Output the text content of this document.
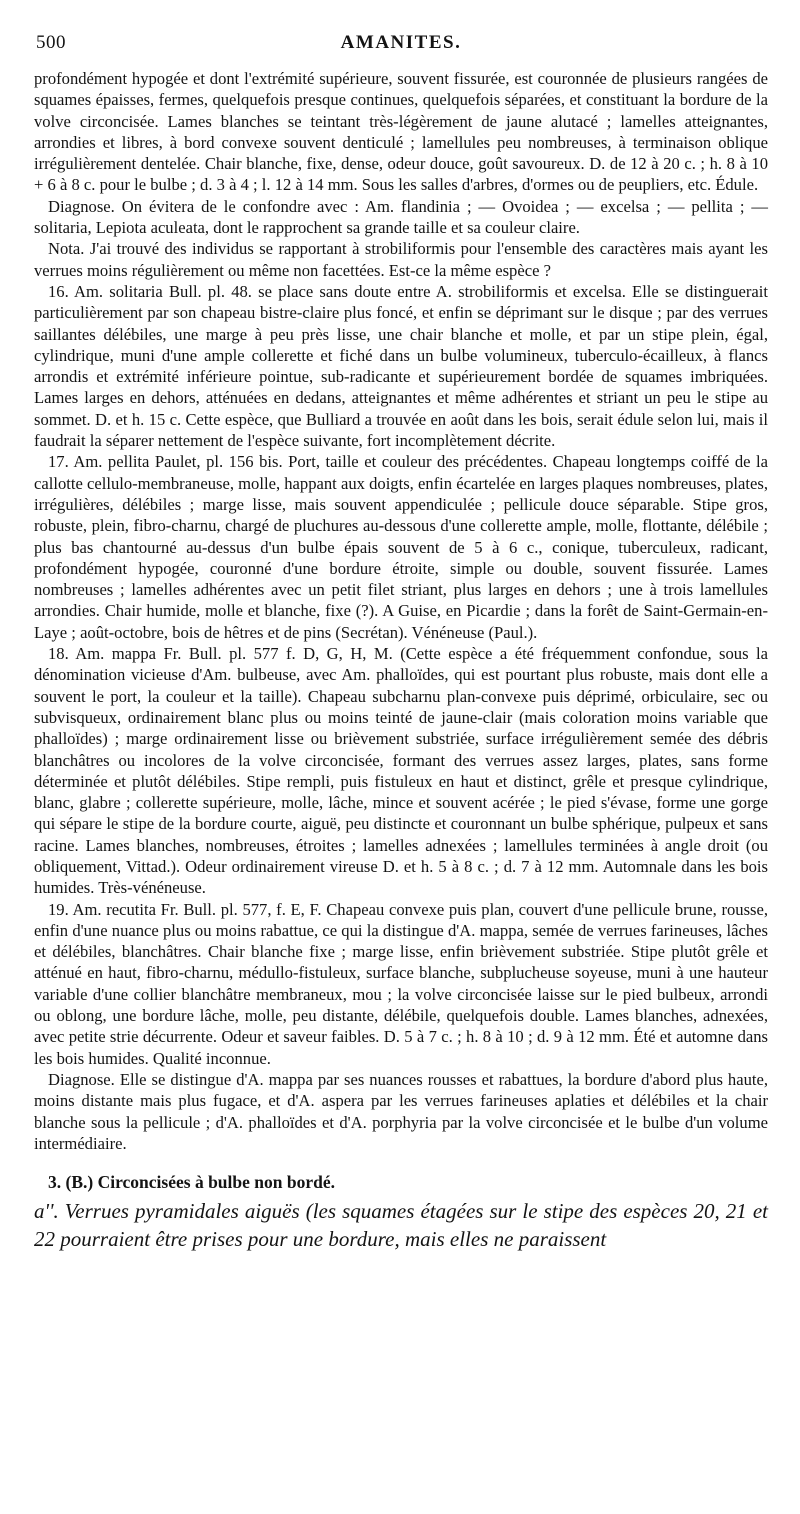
500	AMANITES.

profondément hypogée et dont l'extrémité supérieure, souvent fissurée, est couronnée de plusieurs rangées de squames épaisses, fermes, quelquefois presque continues, quelquefois séparées, et constituant la bordure de la volve circoncisée. Lames blanches se teintant très-légèrement de jaune alutacé ; lamelles atteignantes, arrondies et libres, à bord convexe souvent denticulé ; lamellules peu nombreuses, à terminaison oblique irrégulièrement dentelée. Chair blanche, fixe, dense, odeur douce, goût savoureux. D. de 12 à 20 c. ; h. 8 à 10 + 6 à 8 c. pour le bulbe ; d. 3 à 4 ; l. 12 à 14 mm. Sous les salles d'arbres, d'ormes ou de peupliers, etc. Édule.

Diagnose. On évitera de le confondre avec : Am. flandinia ; — Ovoidea ; — excelsa ; — pellita ; — solitaria, Lepiota aculeata, dont le rapprochent sa grande taille et sa couleur claire.

Nota. J'ai trouvé des individus se rapportant à strobiliformis pour l'ensemble des caractères mais ayant les verrues moins régulièrement ou même non facettées. Est-ce la même espèce ?

16. Am. solitaria Bull. pl. 48. se place sans doute entre A. strobiliformis et excelsa. Elle se distinguerait particulièrement par son chapeau bistre-claire plus foncé, et enfin se déprimant sur le disque ; par des verrues saillantes délébiles, une marge à peu près lisse, une chair blanche et molle, et par un stipe plein, égal, cylindrique, muni d'une ample collerette et fiché dans un bulbe volumineux, tuberculo-écailleux, à flancs arrondis et extrémité inférieure pointue, sub-radicante et supérieurement bordée de squames imbriquées. Lames larges en dehors, atténuées en dedans, atteignantes et même adhérentes et striant un peu le stipe au sommet. D. et h. 15 c. Cette espèce, que Bulliard a trouvée en août dans les bois, serait édule selon lui, mais il faudrait la séparer nettement de l'espèce suivante, fort incomplètement décrite.

17. Am. pellita Paulet, pl. 156 bis. Port, taille et couleur des précédentes. Chapeau longtemps coiffé de la callotte cellulo-membraneuse, molle, happant aux doigts, enfin écartelée en larges plaques nombreuses, plates, irrégulières, délébiles ; marge lisse, mais souvent appendiculée ; pellicule douce séparable. Stipe gros, robuste, plein, fibro-charnu, chargé de pluchures au-dessous d'une collerette ample, molle, flottante, délébile ; plus bas chantourné au-dessus d'un bulbe épais souvent de 5 à 6 c., conique, tuberculeux, radicant, profondément hypogée, couronné d'une bordure étroite, simple ou double, souvent fissurée. Lames nombreuses ; lamelles adhérentes avec un petit filet striant, plus larges en dehors ; une à trois lamellules arrondies. Chair humide, molle et blanche, fixe (?). A Guise, en Picardie ; dans la forêt de Saint-Germain-en-Laye ; août-octobre, bois de hêtres et de pins (Secrétan). Vénéneuse (Paul.).

18. Am. mappa Fr. Bull. pl. 577 f. D, G, H, M. (Cette espèce a été fréquemment confondue, sous la dénomination vicieuse d'Am. bulbeuse, avec Am. phalloïdes, qui est pourtant plus robuste, mais dont elle a souvent le port, la couleur et la taille). Chapeau subcharnu plan-convexe puis déprimé, orbiculaire, sec ou subvisqueux, ordinairement blanc plus ou moins teinté de jaune-clair (mais coloration moins variable que phalloïdes) ; marge ordinairement lisse ou brièvement substriée, surface irrégulièrement semée des débris blanchâtres ou incolores de la volve circoncisée, formant des verrues assez larges, plates, sans forme déterminée et plutôt délébiles. Stipe rempli, puis fistuleux en haut et distinct, grêle et presque cylindrique, blanc, glabre ; collerette supérieure, molle, lâche, mince et souvent acérée ; le pied s'évase, forme une gorge qui sépare le stipe de la bordure courte, aiguë, peu distincte et couronnant un bulbe sphérique, pulpeux et sans racine. Lames blanches, nombreuses, étroites ; lamelles adnexées ; lamellules terminées à angle droit (ou obliquement, Vittad.). Odeur ordinairement vireuse D. et h. 5 à 8 c. ; d. 7 à 12 mm. Automnale dans les bois humides. Très-vénéneuse.

19. Am. recutita Fr. Bull. pl. 577, f. E, F. Chapeau convexe puis plan, couvert d'une pellicule brune, rousse, enfin d'une nuance plus ou moins rabattue, ce qui la distingue d'A. mappa, semée de verrues farineuses, lâches et délébiles, blanchâtres. Chair blanche fixe ; marge lisse, enfin brièvement substriée. Stipe plutôt grêle et atténué en haut, fibro-charnu, médullo-fistuleux, surface blanche, subpluchеuse soyeuse, muni à une hauteur variable d'une collier blanchâtre membraneux, mou ; la volve circoncisée laisse sur le pied bulbeux, arrondi ou oblong, une bordure lâche, molle, peu distante, délébile, quelquefois double. Lames blanches, adnexées, avec petite strie décurrente. Odeur et saveur faibles. D. 5 à 7 c. ; h. 8 à 10 ; d. 9 à 12 mm. Été et automne dans les bois humides. Qualité inconnue.

Diagnose. Elle se distingue d'A. mappa par ses nuances rousses et rabattues, la bordure d'abord plus haute, moins distante mais plus fugace, et d'A. aspera par les verrues farineuses aplaties et délébiles et la chair blanche sous la pellicule ; d'A. phalloïdes et d'A. porphyria par la volve circoncisée et le bulbe d'un volume intermédiaire.

3. (B.) Circoncisées à bulbe non bordé.

a''. Verrues pyramidales aiguës (les squames étagées sur le stipe des espèces 20, 21 et 22 pourraient être prises pour une bordure, mais elles ne paraissent
